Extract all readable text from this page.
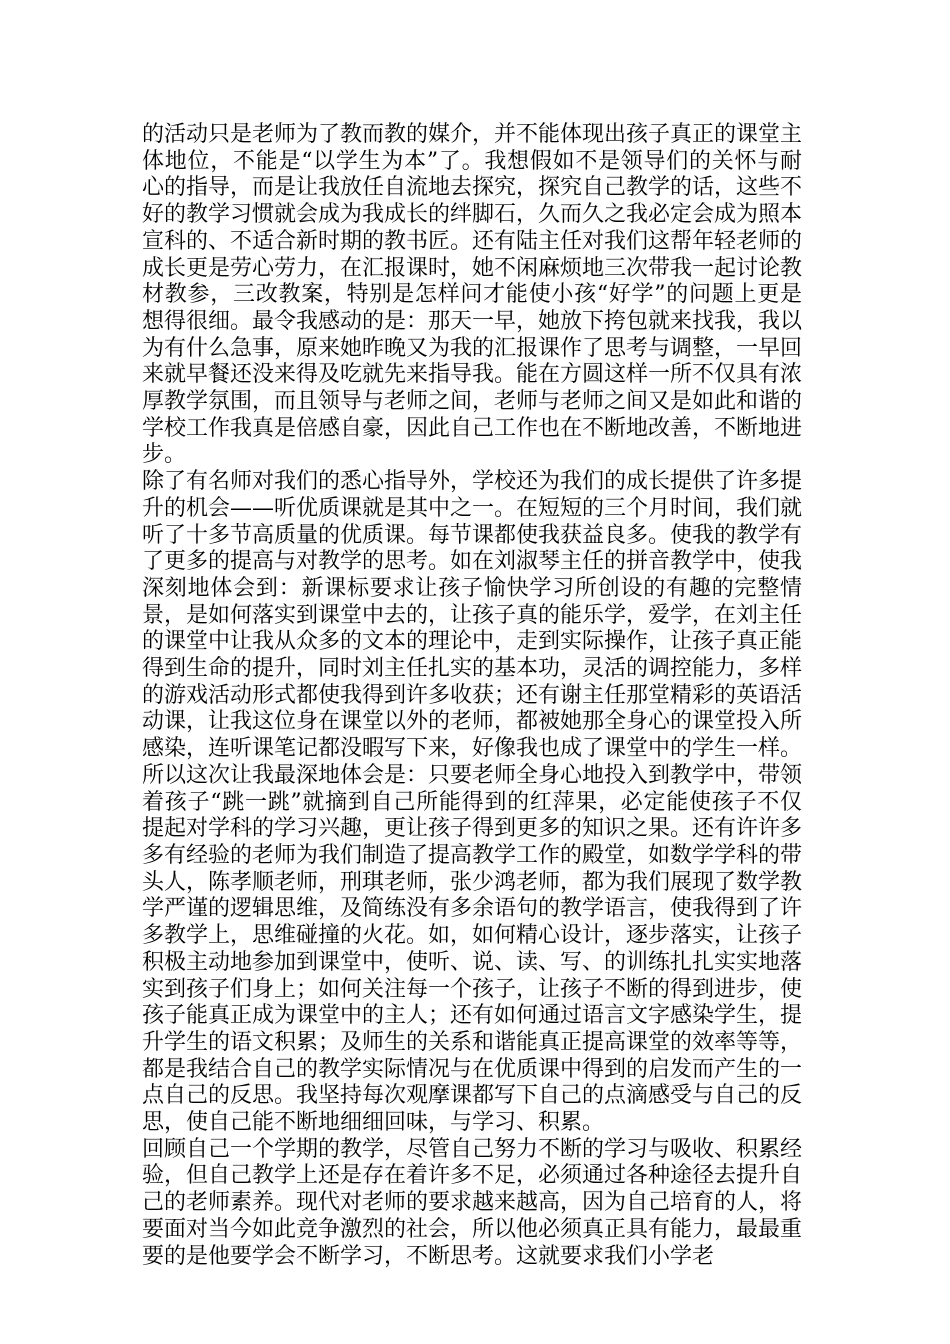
的活动只是老师为了教而教的媒介，并不能体现出孩子真正的课堂主体地位，不能是“以学生为本”了。我想假如不是领导们的关怀与耐心的指导，而是让我放任自流地去探究，探究自己教学的话，这些不好的教学习惯就会成为我成长的绊脚石，久而久之我必定会成为照本宣科的、不适合新时期的教书匠。还有陆主任对我们这帮年轻老师的成长更是劳心劳力，在汇报课时，她不闲麻烦地三次带我一起讨论教材教参，三改教案，特别是怎样问才能使小孩“好学”的问题上更是想得很细。最令我感动的是：那天一早，她放下挎包就来找我，我以为有什么急事，原来她昨晚又为我的汇报课作了思考与调整，一早回来就早餐还没来得及吃就先来指导我。能在方圆这样一所不仅具有浓厚教学氛围，而且领导与老师之间，老师与老师之间又是如此和谐的学校工作我真是倍感自豪，因此自己工作也在不断地改善，不断地进步。

除了有名师对我们的悉心指导外，学校还为我们的成长提供了许多提升的机会——听优质课就是其中之一。在短短的三个月时间，我们就听了十多节高质量的优质课。每节课都使我获益良多。使我的教学有了更多的提高与对教学的思考。如在刘淑琴主任的拼音教学中，使我深刻地体会到：新课标要求让孩子愉快学习所创设的有趣的完整情景，是如何落实到课堂中去的，让孩子真的能乐学，爱学，在刘主任的课堂中让我从众多的文本的理论中，走到实际操作，让孩子真正能得到生命的提升，同时刘主任扎实的基本功，灵活的调控能力，多样的游戏活动形式都使我得到许多收获；还有谢主任那堂精彩的英语活动课，让我这位身在课堂以外的老师，都被她那全身心的课堂投入所感染，连听课笔记都没暇写下来，好像我也成了课堂中的学生一样。所以这次让我最深地体会是：只要老师全身心地投入到教学中，带领着孩子“跳一跳”就摘到自己所能得到的红萍果，必定能使孩子不仅提起对学科的学习兴趣，更让孩子得到更多的知识之果。还有许许多多有经验的老师为我们制造了提高教学工作的殿堂，如数学学科的带头人，陈孝顺老师，刑琪老师，张少鸿老师，都为我们展现了数学教学严谨的逻辑思维，及简练没有多余语句的教学语言，使我得到了许多教学上，思维碰撞的火花。如，如何精心设计，逐步落实，让孩子积极主动地参加到课堂中，使听、说、读、写、的训练扎扎实实地落实到孩子们身上；如何关注每一个孩子，让孩子不断的得到进步，使孩子能真正成为课堂中的主人；还有如何通过语言文字感染学生，提升学生的语文积累；及师生的关系和谐能真正提高课堂的效率等等，都是我结合自己的教学实际情况与在优质课中得到的启发而产生的一点自己的反思。我坚持每次观摩课都写下自己的点滴感受与自己的反思，使自己能不断地细细回味，与学习、积累。

回顾自己一个学期的教学，尽管自己努力不断的学习与吸收、积累经验，但自己教学上还是存在着许多不足，必须通过各种途径去提升自己的老师素养。现代对老师的要求越来越高，因为自己培育的人，将要面对当今如此竞争激烈的社会，所以他必须真正具有能力，最最重要的是他要学会不断学习，不断思考。这就要求我们小学老
